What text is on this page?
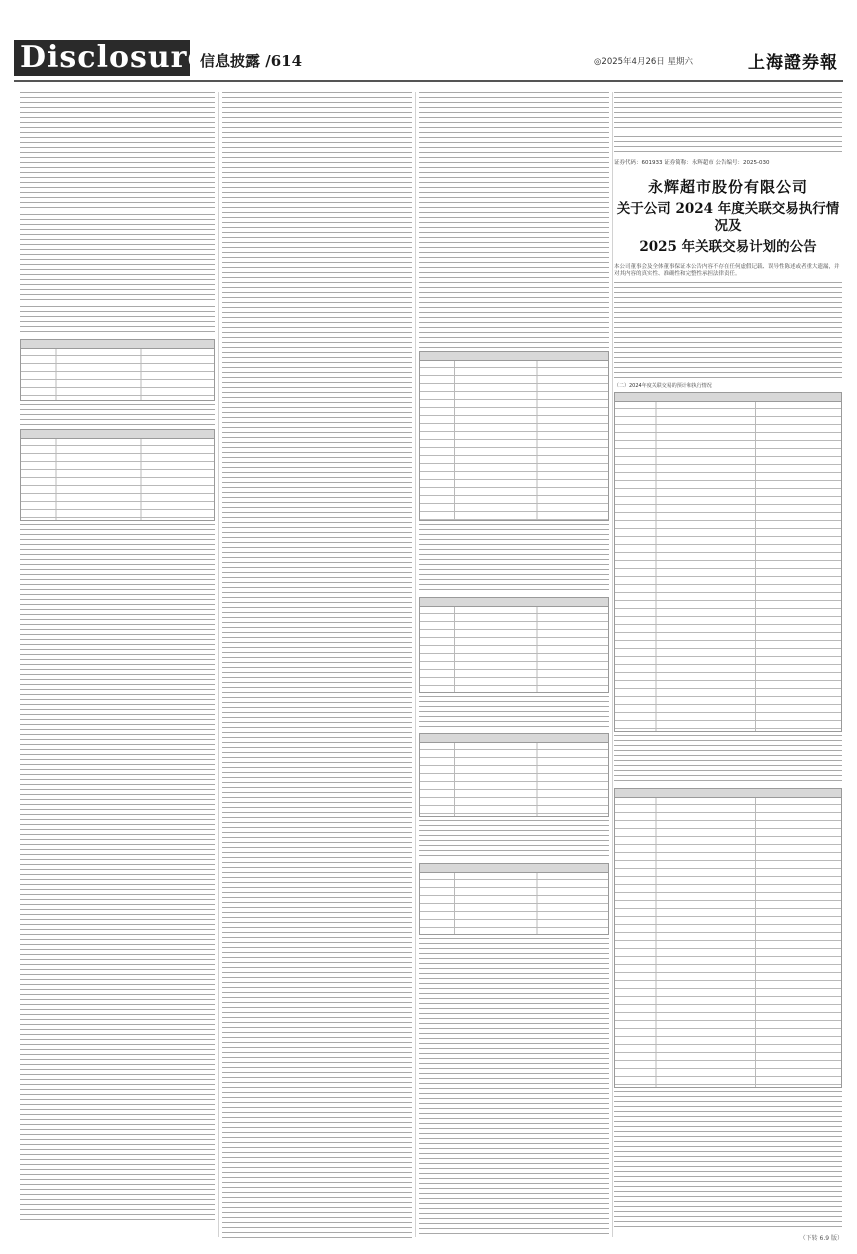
Disclosure
信息披露 /614	◎2025年4月26日 星期六	上海證券報
证券代码：601933 证券简称：永辉超市 公告编号：2025-030
永辉超市股份有限公司
关于公司 2024 年度关联交易执行情况及
2025 年关联交易计划的公告
本公司董事会及全体董事保证本公告内容不存在任何虚假记载、误导性陈述或者重大遗漏，并对其内容的真实性、准确性和完整性承担法律责任。
（二）2024年度关联交易的预计和执行情况
（下转 6.9 版）
